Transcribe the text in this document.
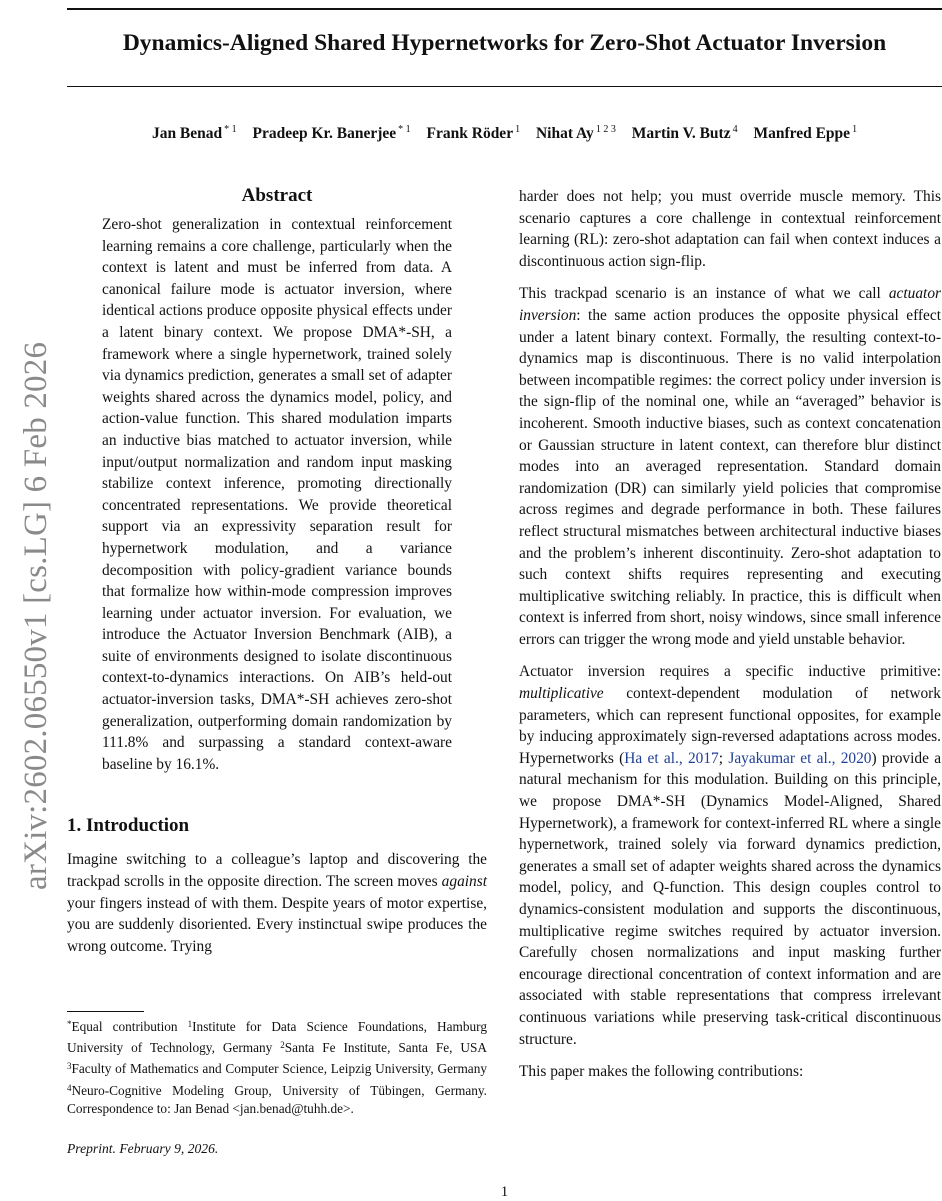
Dynamics-Aligned Shared Hypernetworks for Zero-Shot Actuator Inversion
Jan Benad $^{* 1}$ Pradeep Kr. Banerjee $^{* 1}$ Frank Röder $^1$ Nihat Ay $^{1 2 3}$ Martin V. Butz $^4$ Manfred Eppe $^1$
arXiv:2602.06550v1 [cs.LG] 6 Feb 2026
Abstract

Zero-shot generalization in contextual reinforcement learning remains a core challenge, particularly when the context is latent and must be inferred from data. A canonical failure mode is actuator inversion, where identical actions produce opposite physical effects under a latent binary context. We propose DMA*-SH, a framework where a single hypernetwork, trained solely via dynamics prediction, generates a small set of adapter weights shared across the dynamics model, policy, and action-value function. This shared modulation imparts an inductive bias matched to actuator inversion, while input/output normalization and random input masking stabilize context inference, promoting directionally concentrated representations. We provide theoretical support via an expressivity separation result for hypernetwork modulation, and a variance decomposition with policy-gradient variance bounds that formalize how within-mode compression improves learning under actuator inversion. For evaluation, we introduce the Actuator Inversion Benchmark (AIB), a suite of environments designed to isolate discontinuous context-to-dynamics interactions. On AIB’s held-out actuator-inversion tasks, DMA*-SH achieves zero-shot generalization, outperforming domain randomization by 111.8% and surpassing a standard context-aware baseline by 16.1%.

1. Introduction

Imagine switching to a colleague’s laptop and discovering the trackpad scrolls in the opposite direction. The screen moves against your fingers instead of with them. Despite years of motor expertise, you are suddenly disoriented. Every instinctual swipe produces the wrong outcome. Trying

harder does not help; you must override muscle memory. This scenario captures a core challenge in contextual reinforcement learning (RL): zero-shot adaptation can fail when context induces a discontinuous action sign-flip.

This trackpad scenario is an instance of what we call actuator inversion: the same action produces the opposite physical effect under a latent binary context. Formally, the resulting context-to-dynamics map is discontinuous. There is no valid interpolation between incompatible regimes: the correct policy under inversion is the sign-flip of the nominal one, while an “averaged” behavior is incoherent. Smooth inductive biases, such as context concatenation or Gaussian structure in latent context, can therefore blur distinct modes into an averaged representation. Standard domain randomization (DR) can similarly yield policies that compromise across regimes and degrade performance in both. These failures reflect structural mismatches between architectural inductive biases and the problem’s inherent discontinuity. Zero-shot adaptation to such context shifts requires representing and executing multiplicative switching reliably. In practice, this is difficult when context is inferred from short, noisy windows, since small inference errors can trigger the wrong mode and yield unstable behavior.

Actuator inversion requires a specific inductive primitive: multiplicative context-dependent modulation of network parameters, which can represent functional opposites, for example by inducing approximately sign-reversed adaptations across modes. Hypernetworks (Ha et al., 2017; Jayakumar et al., 2020) provide a natural mechanism for this modulation. Building on this principle, we propose DMA*-SH (Dynamics Model-Aligned, Shared Hypernetwork), a framework for context-inferred RL where a single hypernetwork, trained solely via forward dynamics prediction, generates a small set of adapter weights shared across the dynamics model, policy, and Q-function. This design couples control to dynamics-consistent modulation and supports the discontinuous, multiplicative regime switches required by actuator inversion. Carefully chosen normalizations and input masking further encourage directional concentration of context information and are associated with stable representations that compress irrelevant continuous variations while preserving task-critical discontinuous structure.

This paper makes the following contributions:

*Equal contribution $^1$Institute for Data Science Foundations, Hamburg University of Technology, Germany $^2$Santa Fe Institute, Santa Fe, USA $^3$Faculty of Mathematics and Computer Science, Leipzig University, Germany $^4$Neuro-Cognitive Modeling Group, University of Tübingen, Germany. Correspondence to: Jan Benad <jan.benad@tuhh.de>.
Preprint. February 9, 2026.
1
